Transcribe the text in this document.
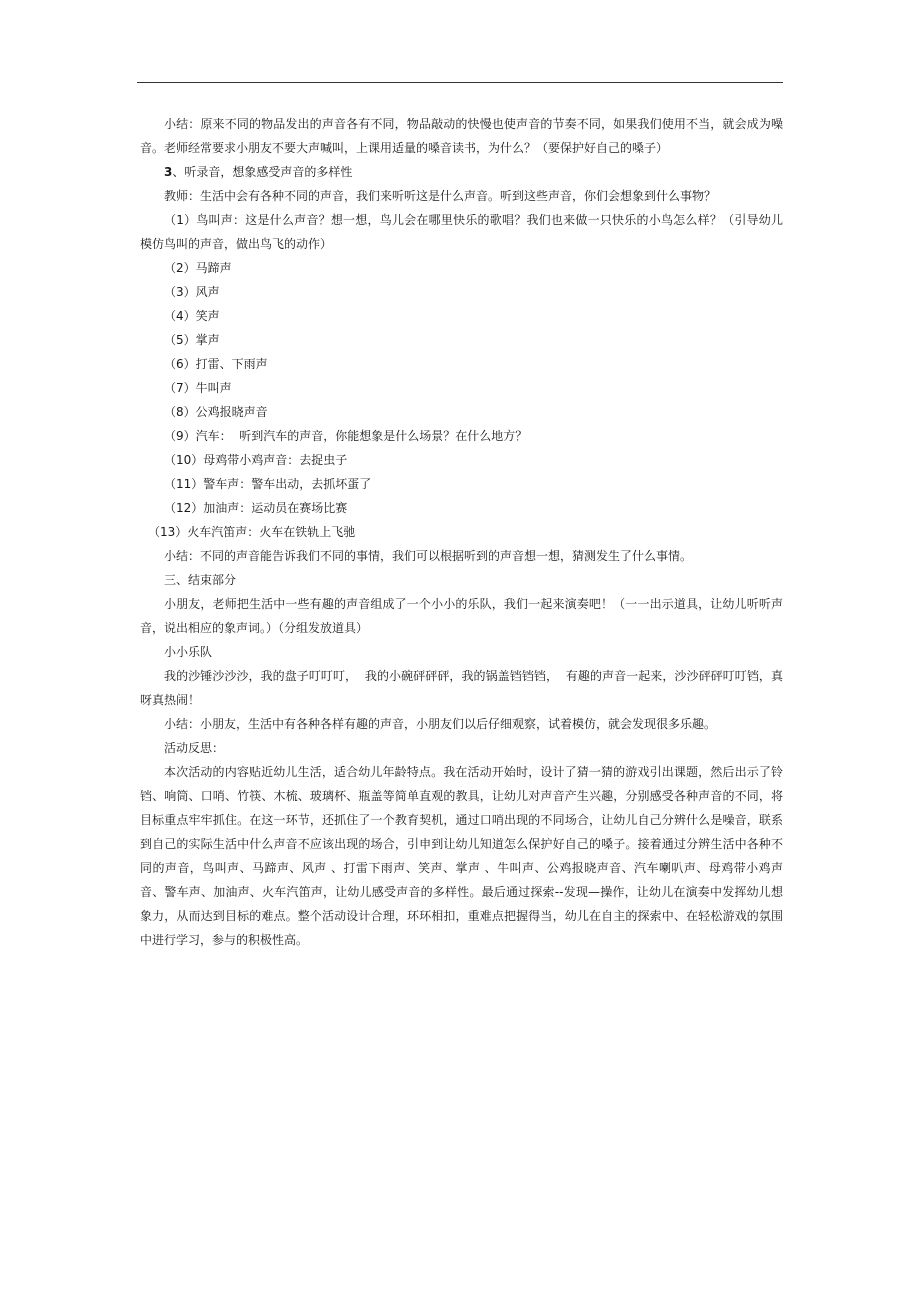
小结：原来不同的物品发出的声音各有不同，物品敲动的快慢也使声音的节奏不同，如果我们使用不当，就会成为噪音。老师经常要求小朋友不要大声喊叫，上课用适量的嗓音读书，为什么？（要保护好自己的嗓子）

3、听录音，想象感受声音的多样性

教师：生活中会有各种不同的声音，我们来听听这是什么声音。听到这些声音，你们会想象到什么事物？

（1）鸟叫声：这是什么声音？想一想，鸟儿会在哪里快乐的歌唱？我们也来做一只快乐的小鸟怎么样？（引导幼儿模仿鸟叫的声音，做出鸟飞的动作）

（2）马蹄声

（3）风声

（4）笑声

（5）掌声

（6）打雷、下雨声

（7）牛叫声

（8）公鸡报晓声音

（9）汽车：  听到汽车的声音，你能想象是什么场景？在什么地方？

（10）母鸡带小鸡声音：去捉虫子

（11）警车声：警车出动，去抓坏蛋了

（12）加油声：运动员在赛场比赛

（13）火车汽笛声：火车在铁轨上飞驰

小结：不同的声音能告诉我们不同的事情，我们可以根据听到的声音想一想，猜测发生了什么事情。

三、结束部分

小朋友，老师把生活中一些有趣的声音组成了一个小小的乐队，我们一起来演奏吧！（一一出示道具，让幼儿听听声音，说出相应的象声词。）（分组发放道具）

小小乐队

我的沙锤沙沙沙，我的盘子叮叮叮，  我的小碗砰砰砰，我的锅盖铛铛铛，  有趣的声音一起来，沙沙砰砰叮叮铛，真呀真热闹！

小结：小朋友，生活中有各种各样有趣的声音，小朋友们以后仔细观察，试着模仿，就会发现很多乐趣。

活动反思：

本次活动的内容贴近幼儿生活，适合幼儿年龄特点。我在活动开始时，设计了猜一猜的游戏引出课题，然后出示了铃铛、响筒、口哨、竹筷、木梳、玻璃杯、瓶盖等简单直观的教具，让幼儿对声音产生兴趣，分别感受各种声音的不同，将目标重点牢牢抓住。在这一环节，还抓住了一个教育契机，通过口哨出现的不同场合，让幼儿自己分辨什么是噪音，联系到自己的实际生活中什么声音不应该出现的场合，引申到让幼儿知道怎么保护好自己的嗓子。接着通过分辨生活中各种不同的声音，鸟叫声、马蹄声、风声 、打雷下雨声、笑声、掌声 、牛叫声、公鸡报晓声音、汽车喇叭声、母鸡带小鸡声音、警车声、加油声、火车汽笛声，让幼儿感受声音的多样性。最后通过探索--发现—操作，让幼儿在演奏中发挥幼儿想象力，从而达到目标的难点。整个活动设计合理，环环相扣，重难点把握得当，幼儿在自主的探索中、在轻松游戏的氛围中进行学习，参与的积极性高。
